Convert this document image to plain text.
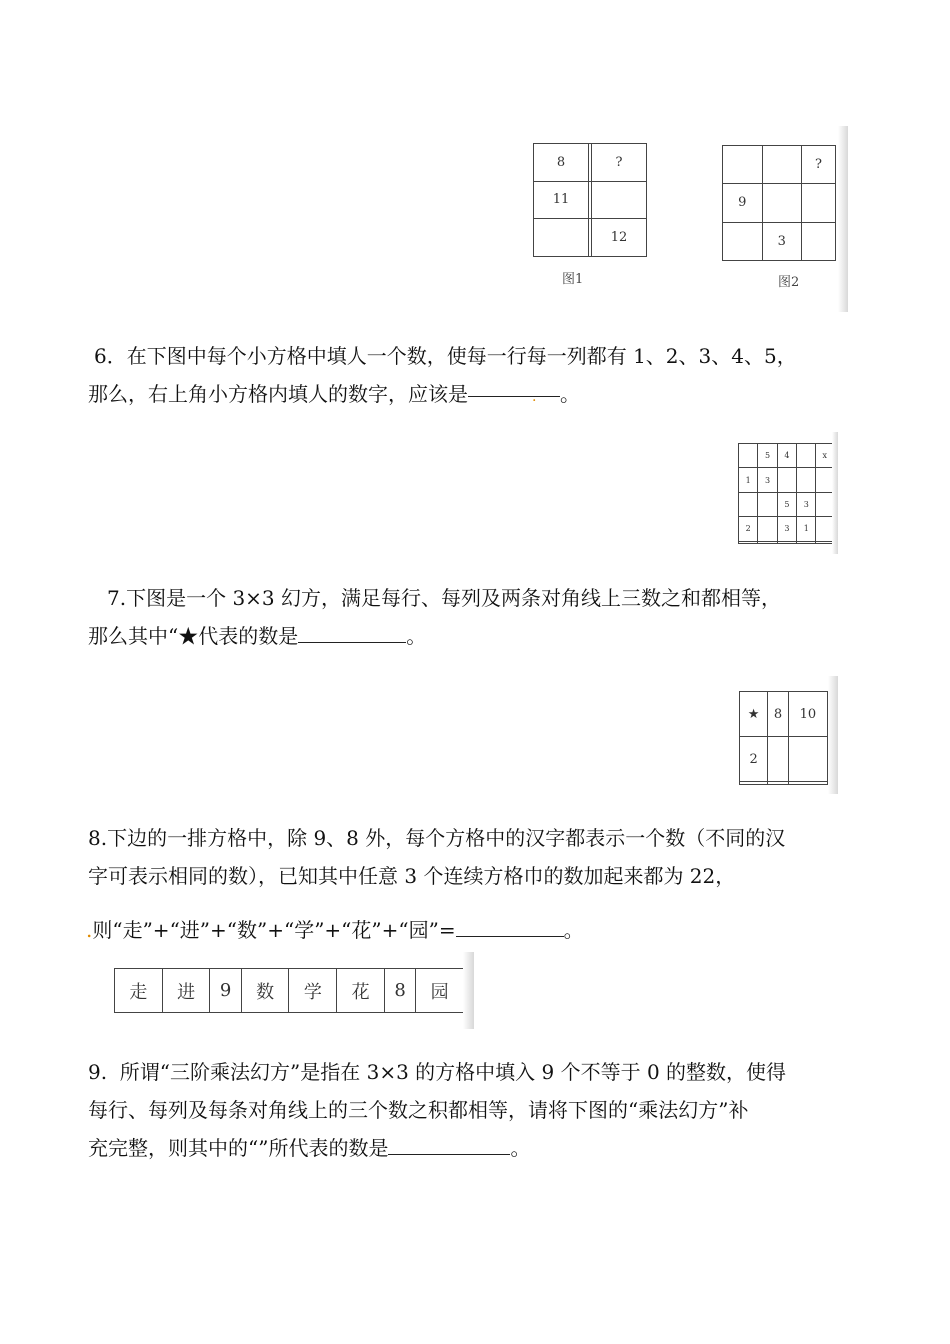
8		?
11		
		12
图1
		?
9		
	3	
图2
6．在下图中每个小方格中填人一个数，使每一行每一列都有 1、2、3、4、5，
那么，右上角小方格内填人的数字，应该是	. 。
	5	4		x
1	3			
		5	3	
2		3	1	

7.下图是一个 3×3 幻方，满足每行、每列及两条对角线上三数之和都相等，
那么其中“★代表的数是	。
★	8	10
2		

8.下边的一排方格中，除 9、8 外，每个方格中的汉字都表示一个数（不同的汉
字可表示相同的数），已知其中任意 3 个连续方格巾的数加起来都为 22，
.则“走”+“进”+“数”+“学”+“花”+“园”=	。
走	进	9	数	学	花	8	园
9.  所谓“三阶乘法幻方”是指在 3×3 的方格中填入 9 个不等于 0 的整数，使得
每行、每列及每条对角线上的三个数之积都相等，请将下图的“乘法幻方”补
充完整，则其中的“”所代表的数是	。
